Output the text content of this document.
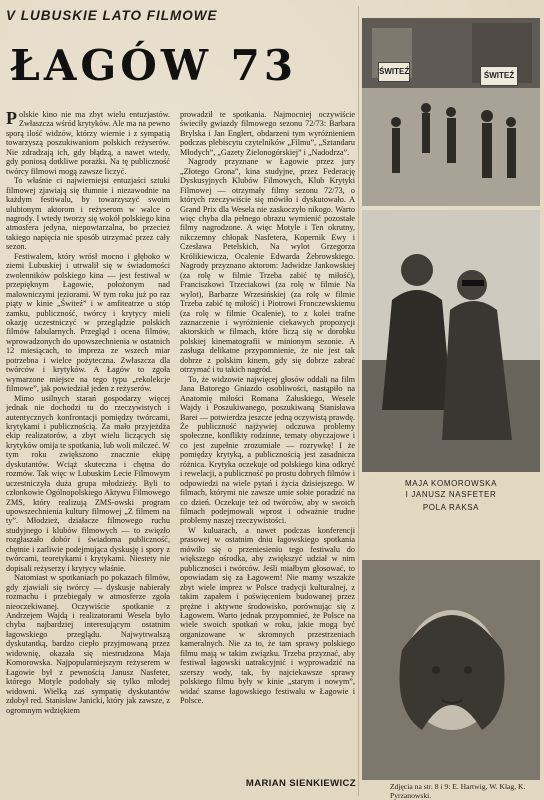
V LUBUSKIE LATO FILMOWE
ŁAGÓW 73

Polskie kino nie ma zbyt wielu entuzjastów. Zwłaszcza wśród krytyków. Ale ma na pewno sporą ilość widzów, którzy wiernie i z sympatią towarzyszą poszukiwaniom polskich reżyserów. Nie zdradzają ich, gdy błądzą, a nawet wtedy, gdy poniosą dotkliwe porażki. Na tę publiczność twórcy filmowi mogą zawsze liczyć.

To właśnie ci najwierniejsi entuzjaści sztuki filmowej zjawiają się tłumnie i niezawodnie na każdym festiwalu, by towarzyszyć swoim ulubionym aktorom i reżyserom w walce o nagrody. I wtedy tworzy się wokół polskiego kina atmosfera jedyna, niepowtarzalna, bo przecież takiego napięcia nie sposób utrzymać przez cały sezon.

Festiwalem, który wrósł mocno i głęboko w ziemi Lubuskiej i utrwalił się w świadomości zwolenników polskiego kina — jest festiwal w przepięknym Łagowie, położonym nad malowniczymi jeziorami. W tym roku już po raz piąty w kinie „Świteź” i w amfiteatrze u stóp zamku, publiczność, twórcy i krytycy mieli okazję uczestniczyć w przeglądzie polskich filmów fabularnych. Przegląd i ocena filmów, wprowadzonych do upowszechnienia w ostatnich 12 miesiącach, to impreza ze wszech miar potrzebna i wielce pożyteczna. Zwłaszcza dla twórców i krytyków. A Łagów to zgoła wymarzone miejsce na tego typu „rekolekcje filmowe”, jak powiedział jeden z reżyserów.

Mimo usilnych starań gospodarzy więcej jednak nie dochodzi tu do rzeczywistych i autentycznych konfrontacji pomiędzy twórcami, krytykami i publicznością. Za mało przyjeżdża ekip realizatorów, a zbyt wielu liczących się krytyków omija te spotkania, lub woli milczeć. W tym roku zwiększono znacznie ekipę dyskutantów. Wciąż skuteczna i chętna do rozmów. Tak więc w Lubuskim Lecie Filmowym uczestniczyła duża grupa młodzieży. Byli to członkowie Ogólnopolskiego Aktywu Filmowego ZMS, który realizują ZMS-owski program upowszechnienia kultury filmowej „Z filmem na ty”. Młodzież, działacze filmowego ruchu studyjnego i klubów filmowych — to zwięzło rozgłaszało dobór i świadoma publiczność, chętnie i zarliwie podejmująca dyskusję i spory z twórcami, teoretykami i krytykami. Niestety nie dopisali reżyserzy i krytycy właśnie.

Natomiast w spotkaniach po pokazach filmów, gdy zjawiali się twórcy — dyskusje nabierały rozmachu i przebiegały w atmosferze zgoła nieoczekiwanej. Oczywiście spotkanie z Andrzejem Wajdą i realizatorami Wesela było chyba najbardziej interesującym ostatnim łagowskiego przeglądu. Najwytrwalszą dyskutantką, bardzo ciepło przyjmowaną przez widownię, okazała się niestrudzona Maja Komorowska. Najpopularniejszym reżyserem w Łagowie był z pewnością Janusz Nasfeter, którego Motyle podobały się tylko młodej widowni. Wielką zaś sympatię dyskutantów zdobył red. Stanisław Janicki, który jak zawsze, z ogromnym wdziękiem

prowadził te spotkania. Najmocniej oczywiście świeciły gwiazdy filmowego sezonu 72/73: Barbara Brylska i Jan Englert, obdarzeni tym wyróżnieniem podczas plebiscytu czytelników „Filmu”, „Sztandaru Młodych”, „Gazety Zielonogórskiej” i „Nadodrza”.

Nagrody przyznane w Łagowie przez jury „Złotego Grona”, kina studyjne, przez Federację Dyskusyjnych Klubów Filmowych, Klub Krytyki Filmowej — otrzymały filmy sezonu 72/73, o których rzeczywiście się mówiło i dyskutowało. A Grand Prix dla Wesela nie zaskoczyło nikogo. Warto więc chyba dla pełnego obrazu wymienić pozostałe filmy nagrodzone. A więc Motyle i Ten okrutny, nikczemny chłopak Nasfetera, Kopernik Ewy i Czesława Petelskich, Na wylot Grzegorza Królikiewicza, Ocalenie Edwarda Żebrowskiego. Nagrody przyznano aktorom: Jadwidze Jankowskiej (za rolę w filmie Trzeba zabić tę miłość), Franciszkowi Trzeciakowi (za rolę w filmie Na wylot), Barbarze Wrzesińskiej (za rolę w filmie Trzeba zabić tę miłość) i Piotrowi Fronczewskiemu (za rolę w filmie Ocalenie), to z kolei trafne zaznaczenie i wyróżnienie ciekawych propozycji aktorskich w filmach, które liczą się w dorobku polskiej kinematografii w minionym sezonie. A zasługa delikatne przypomnienie, że nie jest tak dobrze z polskim kinem, gdy się dobrze zabrać otrzymać i tu takich nagród.

To, że widzowie najwięcej głosów oddali na film Jana Batorego Gniazdo osobliwości, nastąpiło na Anatomię miłości Romana Załuskiego, Wesele Wajdy i Poszukiwanego, poszukiwaną Stanisława Barei — potwierdza jeszcze jedną oczywistą prawdę. Że publiczność najżywiej odczuwa problemy społeczne, konflikty rodzinne, tematy obyczajowe i co jest zupełnie zrozumiałe — rozrywkę! I że pomiędzy krytyką, a publicznością jest zasadnicza różnica. Krytyka oczekuje od polskiego kina odkryć i rewelacji, a publiczność po prostu dobrych filmów i odpowiedzi na wiele pytań i życia dzisiejszego. W filmach, którymi nie zawsze umie sobie poradzić na co dzień. Oczekuje też od twórców, aby w swoich filmach podejmowali wprost i odważnie trudne problemy naszej rzeczywistości.

W kuluarach, a nawet podczas konferencji prasowej w ostatnim dniu łagowskiego spotkania mówiło się o przeniesieniu tego festiwalu do większego ośrodka, aby zwiększyć udział w nim publiczności i twórców. Jeśli miałbym głosować, to opowiadam się za Łagowem! Nie mamy wszakże zbyt wiele imprez w Polsce tradycji kulturalnej, z takim zapałem i poświęceniem budowanej przez prężne i aktywne środowisko, porównując się z Łagowem. Warto jednak przypomnieć, że Polsce na wiele swoich spotkań w roku, jakie mogą być organizowane w skromnych przestrzeniach kameralnych. Nie za to, że tam sprawy polskiego filmu mają w takim związku. Trzeba przyznać, aby festiwal łagowski uatrakcyjnić i wyprowadzić na szerszy wody, tak, by najciekawsze sprawy polskiego filmu były w kinie „starym i nowym”, widać szanse łagowskiego festiwalu w Łagowie i Polsce.

MARIAN SIENKIEWICZ
ŚWITEŹ	ŚWITEŹ
MAJA KOMOROWSKA
I JANUSZ NASFETER
POLA RAKSA
Zdjęcia na str. 8 i 9: E. Hartwig, W. Klag, K. Pyrzanowski.
